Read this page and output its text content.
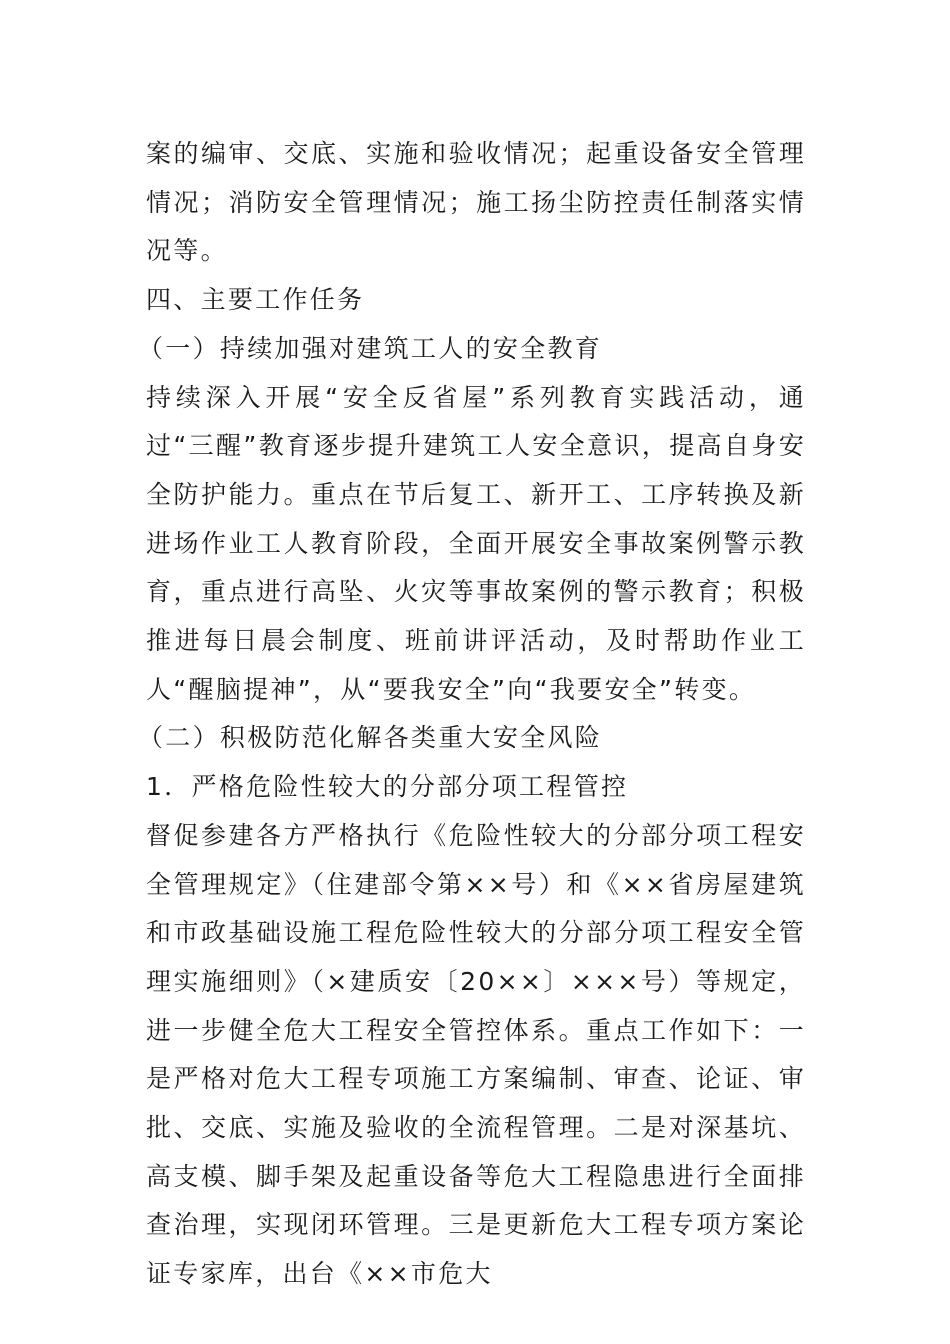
案的编审、交底、实施和验收情况；起重设备安全管理情况；消防安全管理情况；施工扬尘防控责任制落实情况等。

四、主要工作任务

（一）持续加强对建筑工人的安全教育

持续深入开展“安全反省屋”系列教育实践活动，通过“三醒”教育逐步提升建筑工人安全意识，提高自身安全防护能力。重点在节后复工、新开工、工序转换及新进场作业工人教育阶段，全面开展安全事故案例警示教育，重点进行高坠、火灾等事故案例的警示教育；积极推进每日晨会制度、班前讲评活动，及时帮助作业工人“醒脑提神”，从“要我安全”向“我要安全”转变。

（二）积极防范化解各类重大安全风险

1．严格危险性较大的分部分项工程管控

督促参建各方严格执行《危险性较大的分部分项工程安全管理规定》（住建部令第××号）和《××省房屋建筑和市政基础设施工程危险性较大的分部分项工程安全管理实施细则》（×建质安〔20××〕×××号）等规定，进一步健全危大工程安全管控体系。重点工作如下：一是严格对危大工程专项施工方案编制、审查、论证、审批、交底、实施及验收的全流程管理。二是对深基坑、高支模、脚手架及起重设备等危大工程隐患进行全面排查治理，实现闭环管理。三是更新危大工程专项方案论证专家库，出台《××市危大
